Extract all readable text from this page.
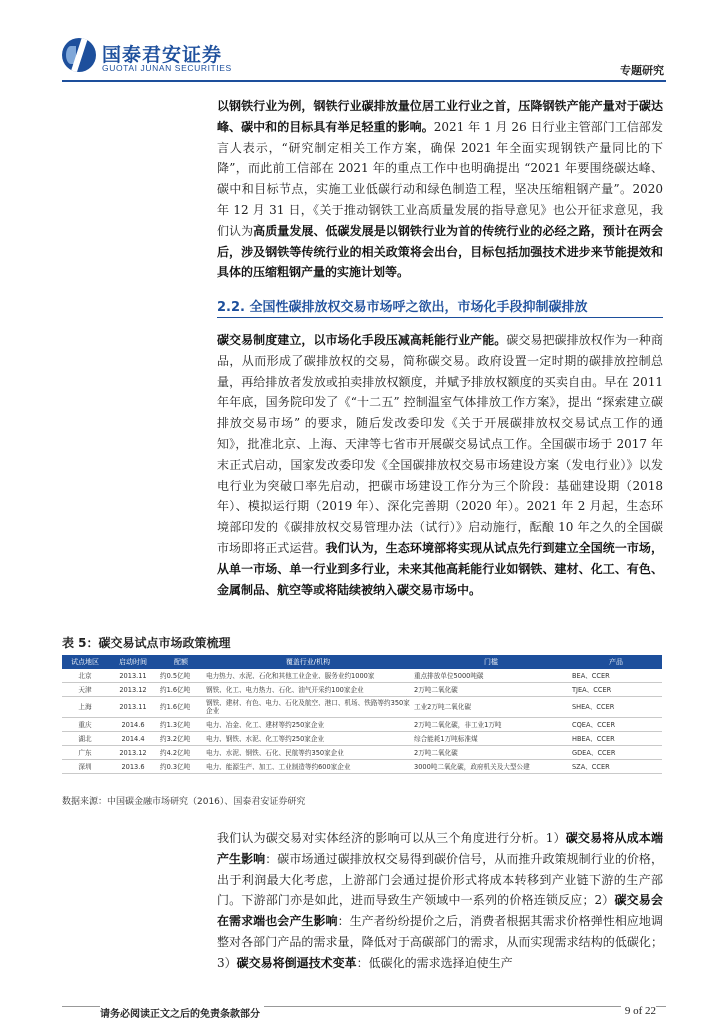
国泰君安证券
GUOTAI JUNAN SECURITIES	专题研究

以钢铁行业为例，钢铁行业碳排放量位居工业行业之首，压降钢铁产能产量对于碳达峰、碳中和的目标具有举足轻重的影响。2021 年 1 月 26 日行业主管部门工信部发言人表示，“研究制定相关工作方案，确保 2021 年全面实现钢铁产量同比的下降”，而此前工信部在 2021 年的重点工作中也明确提出 “2021 年要围绕碳达峰、碳中和目标节点，实施工业低碳行动和绿色制造工程，坚决压缩粗钢产量”。2020 年 12 月 31 日，《关于推动钢铁工业高质量发展的指导意见》也公开征求意见，我们认为高质量发展、低碳发展是以钢铁行业为首的传统行业的必经之路，预计在两会后，涉及钢铁等传统行业的相关政策将会出台，目标包括加强技术进步来节能提效和具体的压缩粗钢产量的实施计划等。

2.2. 全国性碳排放权交易市场呼之欲出，市场化手段抑制碳排放

碳交易制度建立，以市场化手段压减高耗能行业产能。碳交易把碳排放权作为一种商品，从而形成了碳排放权的交易，简称碳交易。政府设置一定时期的碳排放控制总量，再给排放者发放或拍卖排放权额度，并赋予排放权额度的买卖自由。早在 2011 年年底，国务院印发了《“十二五” 控制温室气体排放工作方案》，提出 “探索建立碳排放交易市场” 的要求，随后发改委印发《关于开展碳排放权交易试点工作的通知》，批准北京、上海、天津等七省市开展碳交易试点工作。全国碳市场于 2017 年末正式启动，国家发改委印发《全国碳排放权交易市场建设方案（发电行业）》以发电行业为突破口率先启动，把碳市场建设工作分为三个阶段：基础建设期（2018 年）、模拟运行期（2019 年）、深化完善期（2020 年）。2021 年 2 月起，生态环境部印发的《碳排放权交易管理办法（试行）》启动施行，酝酿 10 年之久的全国碳市场即将正式运营。我们认为，生态环境部将实现从试点先行到建立全国统一市场，从单一市场、单一行业到多行业，未来其他高耗能行业如钢铁、建材、化工、有色、金属制品、航空等或将陆续被纳入碳交易市场中。

表 5：碳交易试点市场政策梳理
试点地区	启动时间	配额	覆盖行业/机构	门槛	产品
北京	2013.11	约0.5亿吨	电力热力、水泥、石化和其他工业企业、服务业约1000家	重点排放单位5000吨碳	BEA、CCER
天津	2013.12	约1.6亿吨	钢铁、化工、电力热力、石化、油气开采约100家企业	2万吨二氧化碳	TJEA、CCER
上海	2013.11	约1.6亿吨	钢铁、建材、有色、电力、石化及航空、港口、机场、铁路等约350家企业	工业2万吨二氧化碳	SHEA、CCER
重庆	2014.6	约1.3亿吨	电力、冶金、化工、建材等约250家企业	2万吨二氧化碳，非工业1万吨	CQEA、CCER
湖北	2014.4	约3.2亿吨	电力、钢铁、水泥、化工等约250家企业	综合能耗1万吨标准煤	HBEA、CCER
广东	2013.12	约4.2亿吨	电力、水泥、钢铁、石化、民航等约350家企业	2万吨二氧化碳	GDEA、CCER
深圳	2013.6	约0.3亿吨	电力、能源生产、加工、工业制造等约600家企业	3000吨二氧化碳，政府机关及大型公建	SZA、CCER
数据来源：中国碳金融市场研究（2016）、国泰君安证券研究

我们认为碳交易对实体经济的影响可以从三个角度进行分析。1）碳交易将从成本端产生影响：碳市场通过碳排放权交易得到碳价信号，从而推升政策规制行业的价格，出于利润最大化考虑，上游部门会通过提价形式将成本转移到产业链下游的生产部门。下游部门亦是如此，进而导致生产领域中一系列的价格连锁反应；2）碳交易会在需求端也会产生影响：生产者纷纷提价之后，消费者根据其需求价格弹性相应地调整对各部门产品的需求量，降低对于高碳部门的需求，从而实现需求结构的低碳化；3）碳交易将倒逼技术变革：低碳化的需求选择迫使生产

请务必阅读正文之后的免责条款部分	9 of 22
